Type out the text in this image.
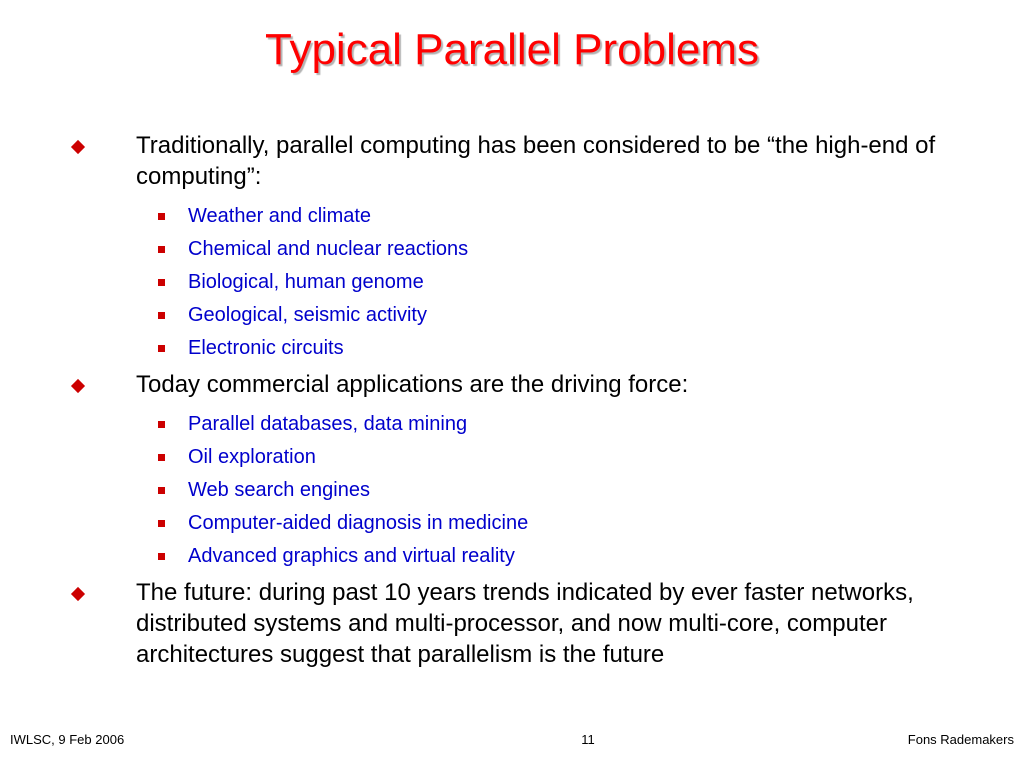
Typical Parallel Problems
Traditionally, parallel computing has been considered to be “the high-end of computing”:
Weather and climate
Chemical and nuclear reactions
Biological, human genome
Geological, seismic activity
Electronic circuits
Today commercial applications are the driving force:
Parallel databases, data mining
Oil exploration
Web search engines
Computer-aided diagnosis in medicine
Advanced graphics and virtual reality
The future: during past 10 years trends indicated by ever faster networks, distributed systems and multi-processor, and now multi-core, computer architectures suggest that parallelism is the future
IWLSC, 9 Feb 2006	11	Fons Rademakers
